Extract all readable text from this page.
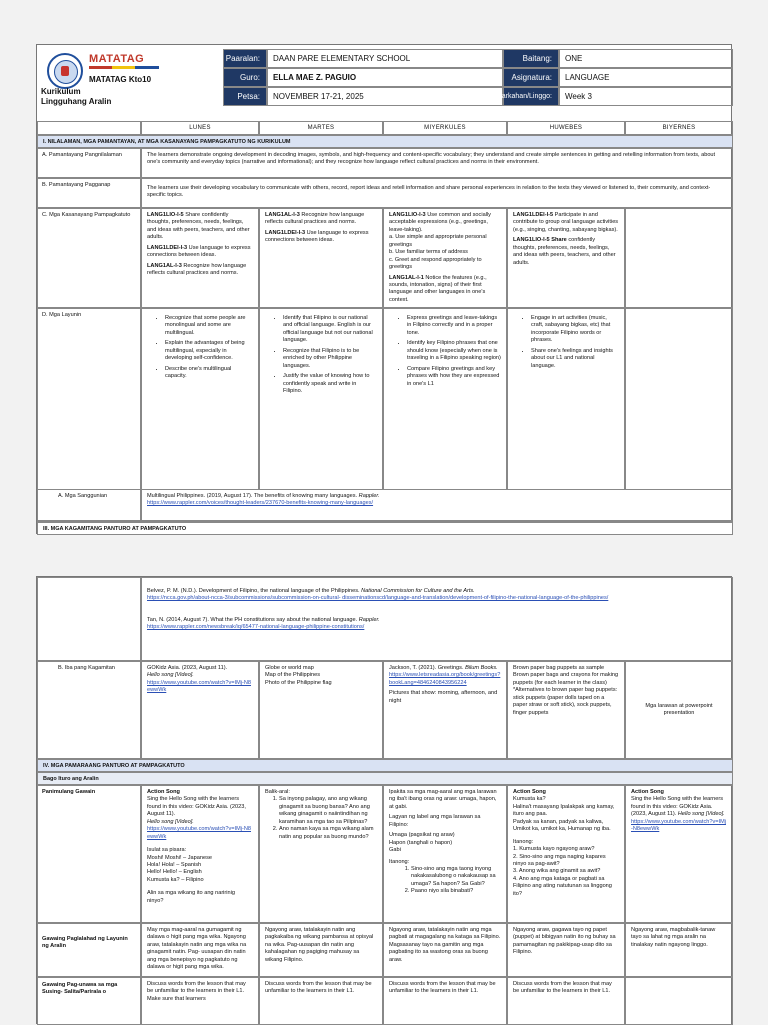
MATATAG
MATATAG Kto10
Kurikulum
Lingguhang Aralin
Paaralan:	DAAN PARE ELEMENTARY SCHOOL	Baitang:	ONE
Guro:	ELLA MAE Z. PAGUIO	Asignatura:	LANGUAGE
Petsa:	NOVEMBER 17-21, 2025	Markahan/Linggo:	Week 3
LUNES	MARTES	MIYERKULES	HUWEBES	BIYERNES
I. NILALAMAN, MGA PAMANTAYAN, AT MGA KASANAYANG PAMPAGKATUTO NG KURIKULUM
A. Pamantayang Pangnilalaman	The learners demonstrate ongoing development in decoding images, symbols, and high-frequency and content-specific vocabulary; they understand and create simple sentences in getting and retelling information from texts, about one's community and everyday topics (narrative and informational); and they recognize how language reflect cultural practices and norms in their environment.
B. Pamantayang Pagganap	The learners use their developing vocabulary to communicate with others, record, report ideas and retell information and share personal experiences in relation to the texts they viewed or listened to, their community, and context- specific topics.
C. Mga Kasanayang Pampagkatuto	LANG1LIO-I-5 Share confidently thoughts, preferences, needs, feelings, and ideas with peers, teachers, and other adults.

LANG1LDEI-I-3 Use language to express connections between ideas.

LANG1AL-I-3 Recognize how language reflects cultural practices and norms.

LANG1AL-I-3 Recognize how language reflects cultural practices and norms.

LANG1LDEI-I-3 Use language to express connections between ideas.

LANG1LIO-I-3 Use common and socially acceptable expressions (e.g., greetings, leave-taking).
a. Use simple and appropriate personal greetings
b. Use familiar terms of address
c. Greet and respond appropriately to greetings

LANG1AL-I-1 Notice the features (e.g., sounds, intonation, signs) of their first language and other languages in one's context.

LANG1LDEI-I-5 Participate in and contribute to group oral language activities (e.g., singing, chanting, sabayang bigkas).

LANG1LIO-I-5 Share confidently thoughts, preferences, needs, feelings, and ideas with peers, teachers, and other adults.

D. Mga Layunin
•	Recognize that some people are monolingual and some are multilingual.
• Explain the advantages of being multilingual, especially in developing self-confidence.
• Describe one's multilingual capacity.
• Identify that Filipino is our national and official language. English is our official language but not our national language.
• Recognize that Filipino is to be enriched by other Philippine languages.
• Justify the value of knowing how to confidently speak and write in Filipino.
• Express greetings and leave-takings in Filipino correctly and in a proper tone.
• Identify key Filipino phrases that one should know (especially when one is traveling in a Filipino speaking region)
• Compare Filipino greetings and key phrases with how they are expressed in one's L1
• Engage in art activities (music, craft, sabayang bigkas, etc) that incorporate Filipino words or phrases.
• Share one's feelings and insights about our L1 and national language.
III. MGA KAGAMITANG PANTURO AT PAMPAGKATUTO
A. Mga Sanggunian	Multilingual Philippines. (2019, August 17). The benefits of knowing many languages. Rappler.
https://www.rappler.com/voices/thought-leaders/237670-benefits-knowing-many-languages/

Belvez, P. M. (N.D.). Development of Filipino, the national language of the Philippines. National Commission for Culture and the Arts.
https://ncca.gov.ph/about-ncca-3/subcommissions/subcommission-on-cultural- disseminationscd/language-and-translation/development-of-filipino-the-national-language-of-the-philippines/

Tan, N. (2014, August 7). What the PH constitutions say about the national language. Rappler.
https://www.rappler.com/newsbreak/iq/65477-national-language-philippine-constitutions/

B. Iba pang Kagamitan	GOKidz Asia. (2023, August 11).
Hello song [Video].
https://www.youtube.com/watch?v=IMj-N8ewwWk
Globe or world map
Map of the Philippines
Photo of the Philippine flag

Jackson, T. (2021). Greetings. Bilum Books.
https://www.letsreadasia.org/book/greetings?bookLang=4846240843956224

Pictures that show: morning, afternoon, and night

Brown paper bag puppets as sample Brown paper bags and crayons for making puppets (for each learner in the class)
*Alternatives to brown paper bag puppets: stick puppets (paper dolls taped on a paper straw or soft stick), sock puppets, finger puppets
Mga larawan at powerpoint presentation
IV. MGA PAMARAANG PANTURO AT PAMPAGKATUTO
Bago Ituro ang Aralin
Panimulang Gawain	Action Song
Sing the Hello Song with the learners found in this video: GOKidz Asia. (2023, August 11).
Hello song [Video].
https://www.youtube.com/watch?v=IMj-N8ewwWk
Isulat sa pisara:
Moshi! Moshi! – Japanese
Hola! Hola! – Spanish
Hello! Hello! – English
Kumusta ka? – Filipino
Alin sa mga wikang ito ang naririnig ninyo?
Balik-aral:
1. Sa inyong palagay, ano ang wikang ginagamit sa buong bansa? Ano ang wikang ginagamit o naiintindihan ng karamihan sa mga tao sa Pilipinas?
2. Ano naman kaya sa mga wikang alam natin ang popular sa buong mundo?

Ipakita sa mga mag-aaral ang mga larawan ng iba't ibang oras ng araw: umaga, hapon, at gabi.

Lagyan ng label ang mga larawan sa Filipino:

Umaga (pagsikat ng araw)
Hapon (tanghali o hapon)
Gabi
Itanong:
1. Sino-sino ang mga taong inyong nakakasalubong o nakakausap sa umaga? Sa hapon? Sa Gabi?
2. Paano niyo sila binabati?
Action Song
Kumusta ka?
Halina't masayang Ipalakpak ang kamay, ituro ang paa.
Padyak sa kanan, padyak sa kaliwa, Umikot ka, umikot ka, Humanap ng iba.
Itanong:
1. Kumusta kayo ngayong araw?
2. Sino-sino ang mga naging kapares ninyo sa pag-awit?
3. Anong wika ang ginamit sa awit?
4. Ano ang mga kataga or pagbati sa Filipino ang ating natutunan sa linggong ito?
Action Song
Sing the Hello Song with the learners found in this video: GOKidz Asia. (2023, August 11). Hello song [Video].
https://www.youtube.com/watch?v=IMj-N8ewwWk
Gawaing Paglalahad ng Layunin ng Aralin
May mga mag-aaral na gumagamit ng dalawa o higit pang mga wika. Ngayong araw, tatalakayin natin ang mga wika na ginagamit natin. Pag- uusapan din natin ang mga benepisyo ng pagkatuto ng dalawa or higit pang mga wika.
Ngayong araw, tatalakayin natin ang pagkakaiba ng wikang pambansa at opisyal na wika. Pag-uusapan din natin ang kahalagahan ng pagiging mahusay sa wikang Filipino.
Ngayong araw, tatalakayin natin ang mga pagbati at magagalang na kataga sa Filipino. Magsasanay tayo na gamitin ang mga pagbating ito sa wastong oras sa buong araw.
Ngayong araw, gagawa tayo ng papet (puppet) at bibigyan natin ito ng buhay sa pamamagitan ng pakikipag-usap dito sa Filipino.
Ngayong araw, magbabalik-tanaw tayo sa lahat ng mga aralin na tinalakay natin ngayong linggo.
Gawaing Pag-unawa sa mga Susing- Salita/Parirala o
Discuss words from the lesson that may be unfamiliar to the learners in their L1. Make sure that learners
Discuss words from the lesson that may be unfamiliar to the learners in their L1.
Discuss words from the lesson that may be unfamiliar to the learners in their L1.
Discuss words from the lesson that may be unfamiliar to the learners in their L1.
